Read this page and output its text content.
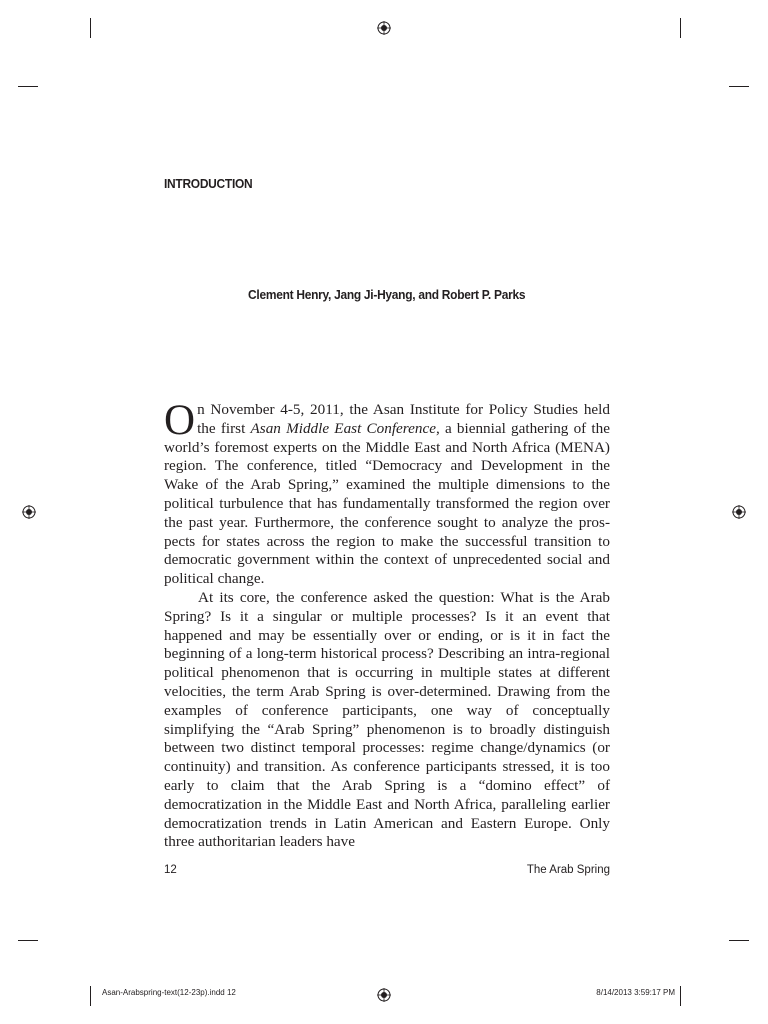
INTRODUCTION
Clement Henry, Jang Ji-Hyang, and Robert P. Parks

On November 4-5, 2011, the Asan Institute for Policy Studies held the first Asan Middle East Conference, a biennial gathering of the world’s foremost experts on the Middle East and North Africa (MENA) region. The conference, titled “Democracy and Development in the Wake of the Arab Spring,” examined the multiple dimensions to the political turbulence that has fundamentally transformed the region over the past year. Furthermore, the conference sought to analyze the prospects for states across the region to make the successful transition to democratic government within the context of unprecedented social and political change.

At its core, the conference asked the question: What is the Arab Spring? Is it a singular or multiple processes? Is it an event that happened and may be essentially over or ending, or is it in fact the beginning of a long-term historical process? Describing an intra-regional political phenomenon that is occurring in multiple states at different velocities, the term Arab Spring is over-determined. Drawing from the examples of conference participants, one way of conceptually simplifying the “Arab Spring” phenomenon is to broadly distinguish between two distinct temporal processes: regime change/dynamics (or continuity) and transition. As conference participants stressed, it is too early to claim that the Arab Spring is a “domino effect” of democratization in the Middle East and North Africa, paralleling earlier democratization trends in Latin American and Eastern Europe. Only three authoritarian leaders have

12	The Arab Spring
Asan-Arabspring-text(12-23p).indd 12	8/14/2013 3:59:17 PM
